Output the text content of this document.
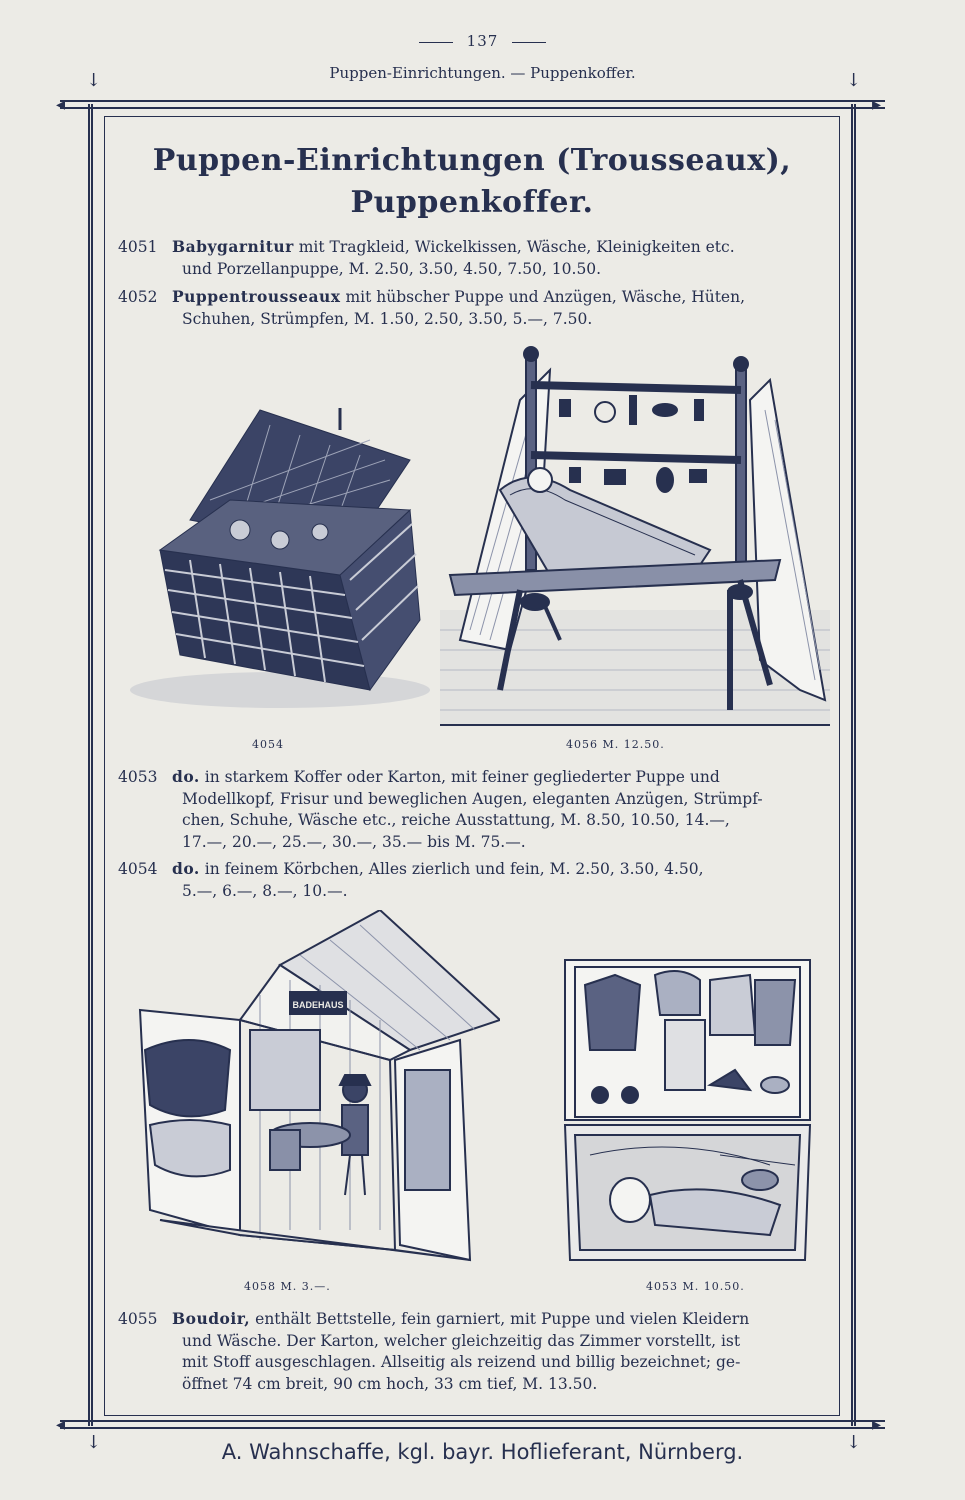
137
Puppen-Einrichtungen. — Puppenkoffer.
↓	↓
◂	▸
◂	▸
↓	↓
Puppen-Einrichtungen (Trousseaux),
Puppenkoffer.
4051 Babygarnitur mit Tragkleid, Wickelkissen, Wäsche, Kleinigkeiten etc.
und Porzellanpuppe, M. 2.50, 3.50, 4.50, 7.50, 10.50.
4052 Puppentrousseaux mit hübscher Puppe und Anzügen, Wäsche, Hüten,
Schuhen, Strümpfen, M. 1.50, 2.50, 3.50, 5.—, 7.50.
4054	4056 M. 12.50.
4053 do. in starkem Koffer oder Karton, mit feiner gegliederter Puppe und
Modellkopf, Frisur und beweglichen Augen, eleganten Anzügen, Strümpf-
chen, Schuhe, Wäsche etc., reiche Ausstattung, M. 8.50, 10.50, 14.—,
17.—, 20.—, 25.—, 30.—, 35.— bis M. 75.—.
4054 do. in feinem Körbchen, Alles zierlich und fein, M. 2.50, 3.50, 4.50,
5.—, 6.—, 8.—, 10.—.
BADEHAUS
4058 M. 3.—.	4053 M. 10.50.
4055 Boudoir, enthält Bettstelle, fein garniert, mit Puppe und vielen Kleidern
und Wäsche. Der Karton, welcher gleichzeitig das Zimmer vorstellt, ist
mit Stoff ausgeschlagen. Allseitig als reizend und billig bezeichnet; ge-
öffnet 74 cm breit, 90 cm hoch, 33 cm tief, M. 13.50.
A. Wahnschaffe, kgl. bayr. Hoflieferant, Nürnberg.
